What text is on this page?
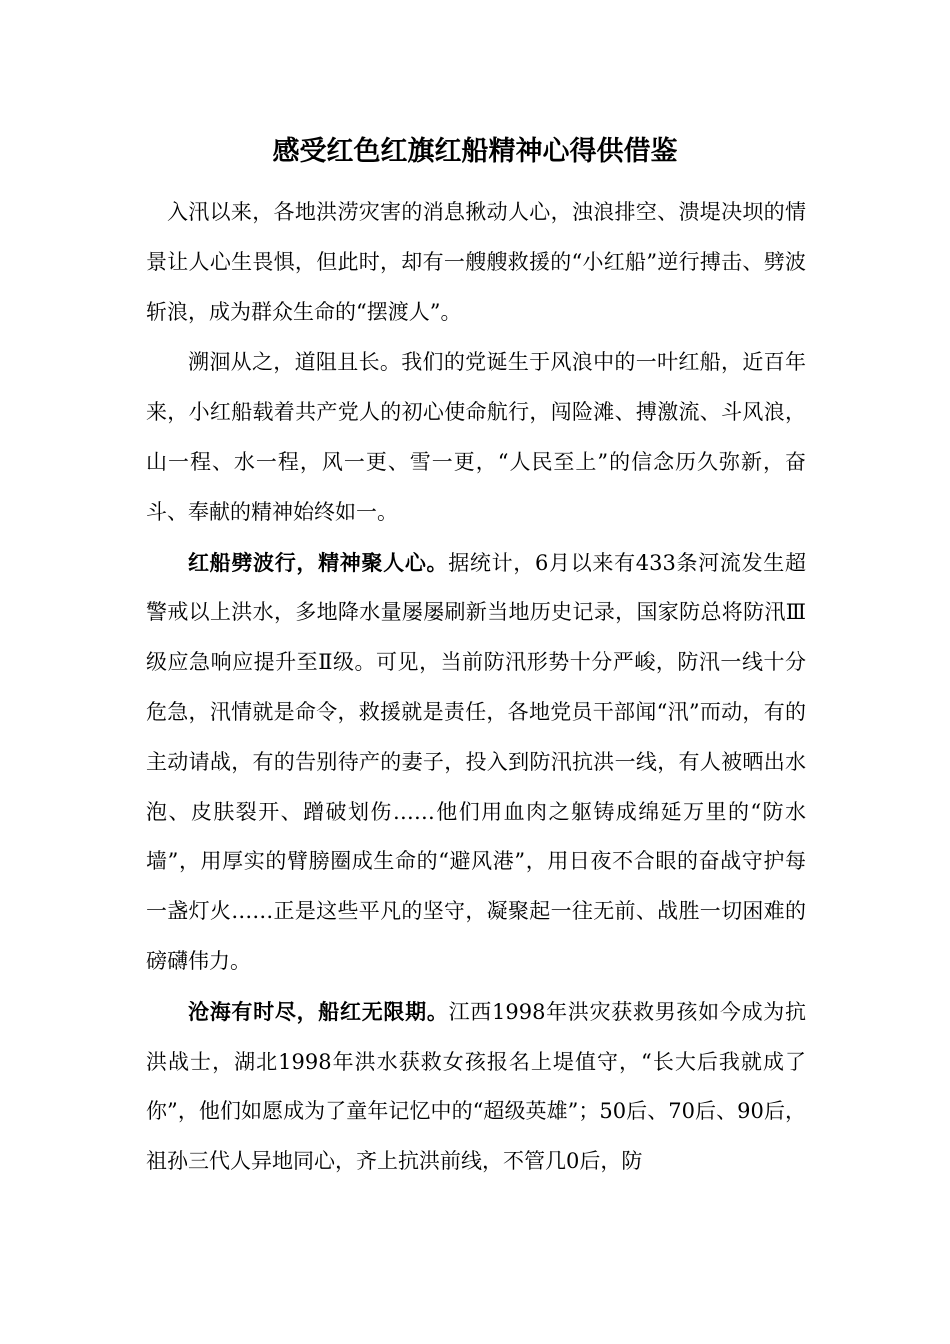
感受红色红旗红船精神心得供借鉴

入汛以来，各地洪涝灾害的消息揪动人心，浊浪排空、溃堤决坝的情景让人心生畏惧，但此时，却有一艘艘救援的“小红船”逆行搏击、劈波斩浪，成为群众生命的“摆渡人”。

溯洄从之，道阻且长。我们的党诞生于风浪中的一叶红船，近百年来，小红船载着共产党人的初心使命航行，闯险滩、搏激流、斗风浪，山一程、水一程，风一更、雪一更，“人民至上”的信念历久弥新，奋斗、奉献的精神始终如一。

红船劈波行，精神聚人心。据统计，6月以来有433条河流发生超警戒以上洪水，多地降水量屡屡刷新当地历史记录，国家防总将防汛Ⅲ级应急响应提升至Ⅱ级。可见，当前防汛形势十分严峻，防汛一线十分危急，汛情就是命令，救援就是责任，各地党员干部闻“汛”而动，有的主动请战，有的告别待产的妻子，投入到防汛抗洪一线，有人被晒出水泡、皮肤裂开、蹭破划伤……他们用血肉之躯铸成绵延万里的“防水墙”，用厚实的臂膀圈成生命的“避风港”，用日夜不合眼的奋战守护每一盏灯火……正是这些平凡的坚守，凝聚起一往无前、战胜一切困难的磅礴伟力。

沧海有时尽，船红无限期。江西1998年洪灾获救男孩如今成为抗洪战士，湖北1998年洪水获救女孩报名上堤值守，“长大后我就成了你”，他们如愿成为了童年记忆中的“超级英雄”；50后、70后、90后，祖孙三代人异地同心，齐上抗洪前线，不管几0后，防
